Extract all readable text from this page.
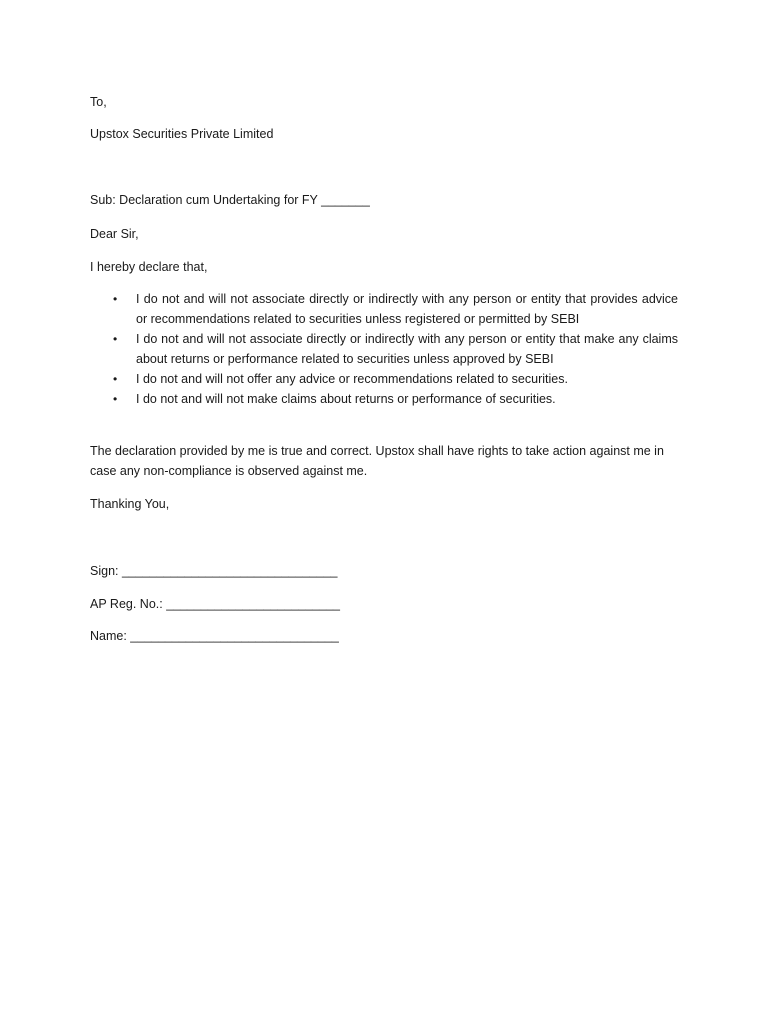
To,

Upstox Securities Private Limited

Sub: Declaration cum Undertaking for FY _______

Dear Sir,

I hereby declare that,

• I do not and will not associate directly or indirectly with any person or entity that provides advice or recommendations related to securities unless registered or permitted by SEBI
• I do not and will not associate directly or indirectly with any person or entity that make any claims about returns or performance related to securities unless approved by SEBI
• I do not and will not offer any advice or recommendations related to securities.
• I do not and will not make claims about returns or performance of securities.

The declaration provided by me is true and correct. Upstox shall have rights to take action against me in case any non-compliance is observed against me.

Thanking You,

Sign: _______________________________

AP Reg. No.: _________________________

Name: ______________________________
